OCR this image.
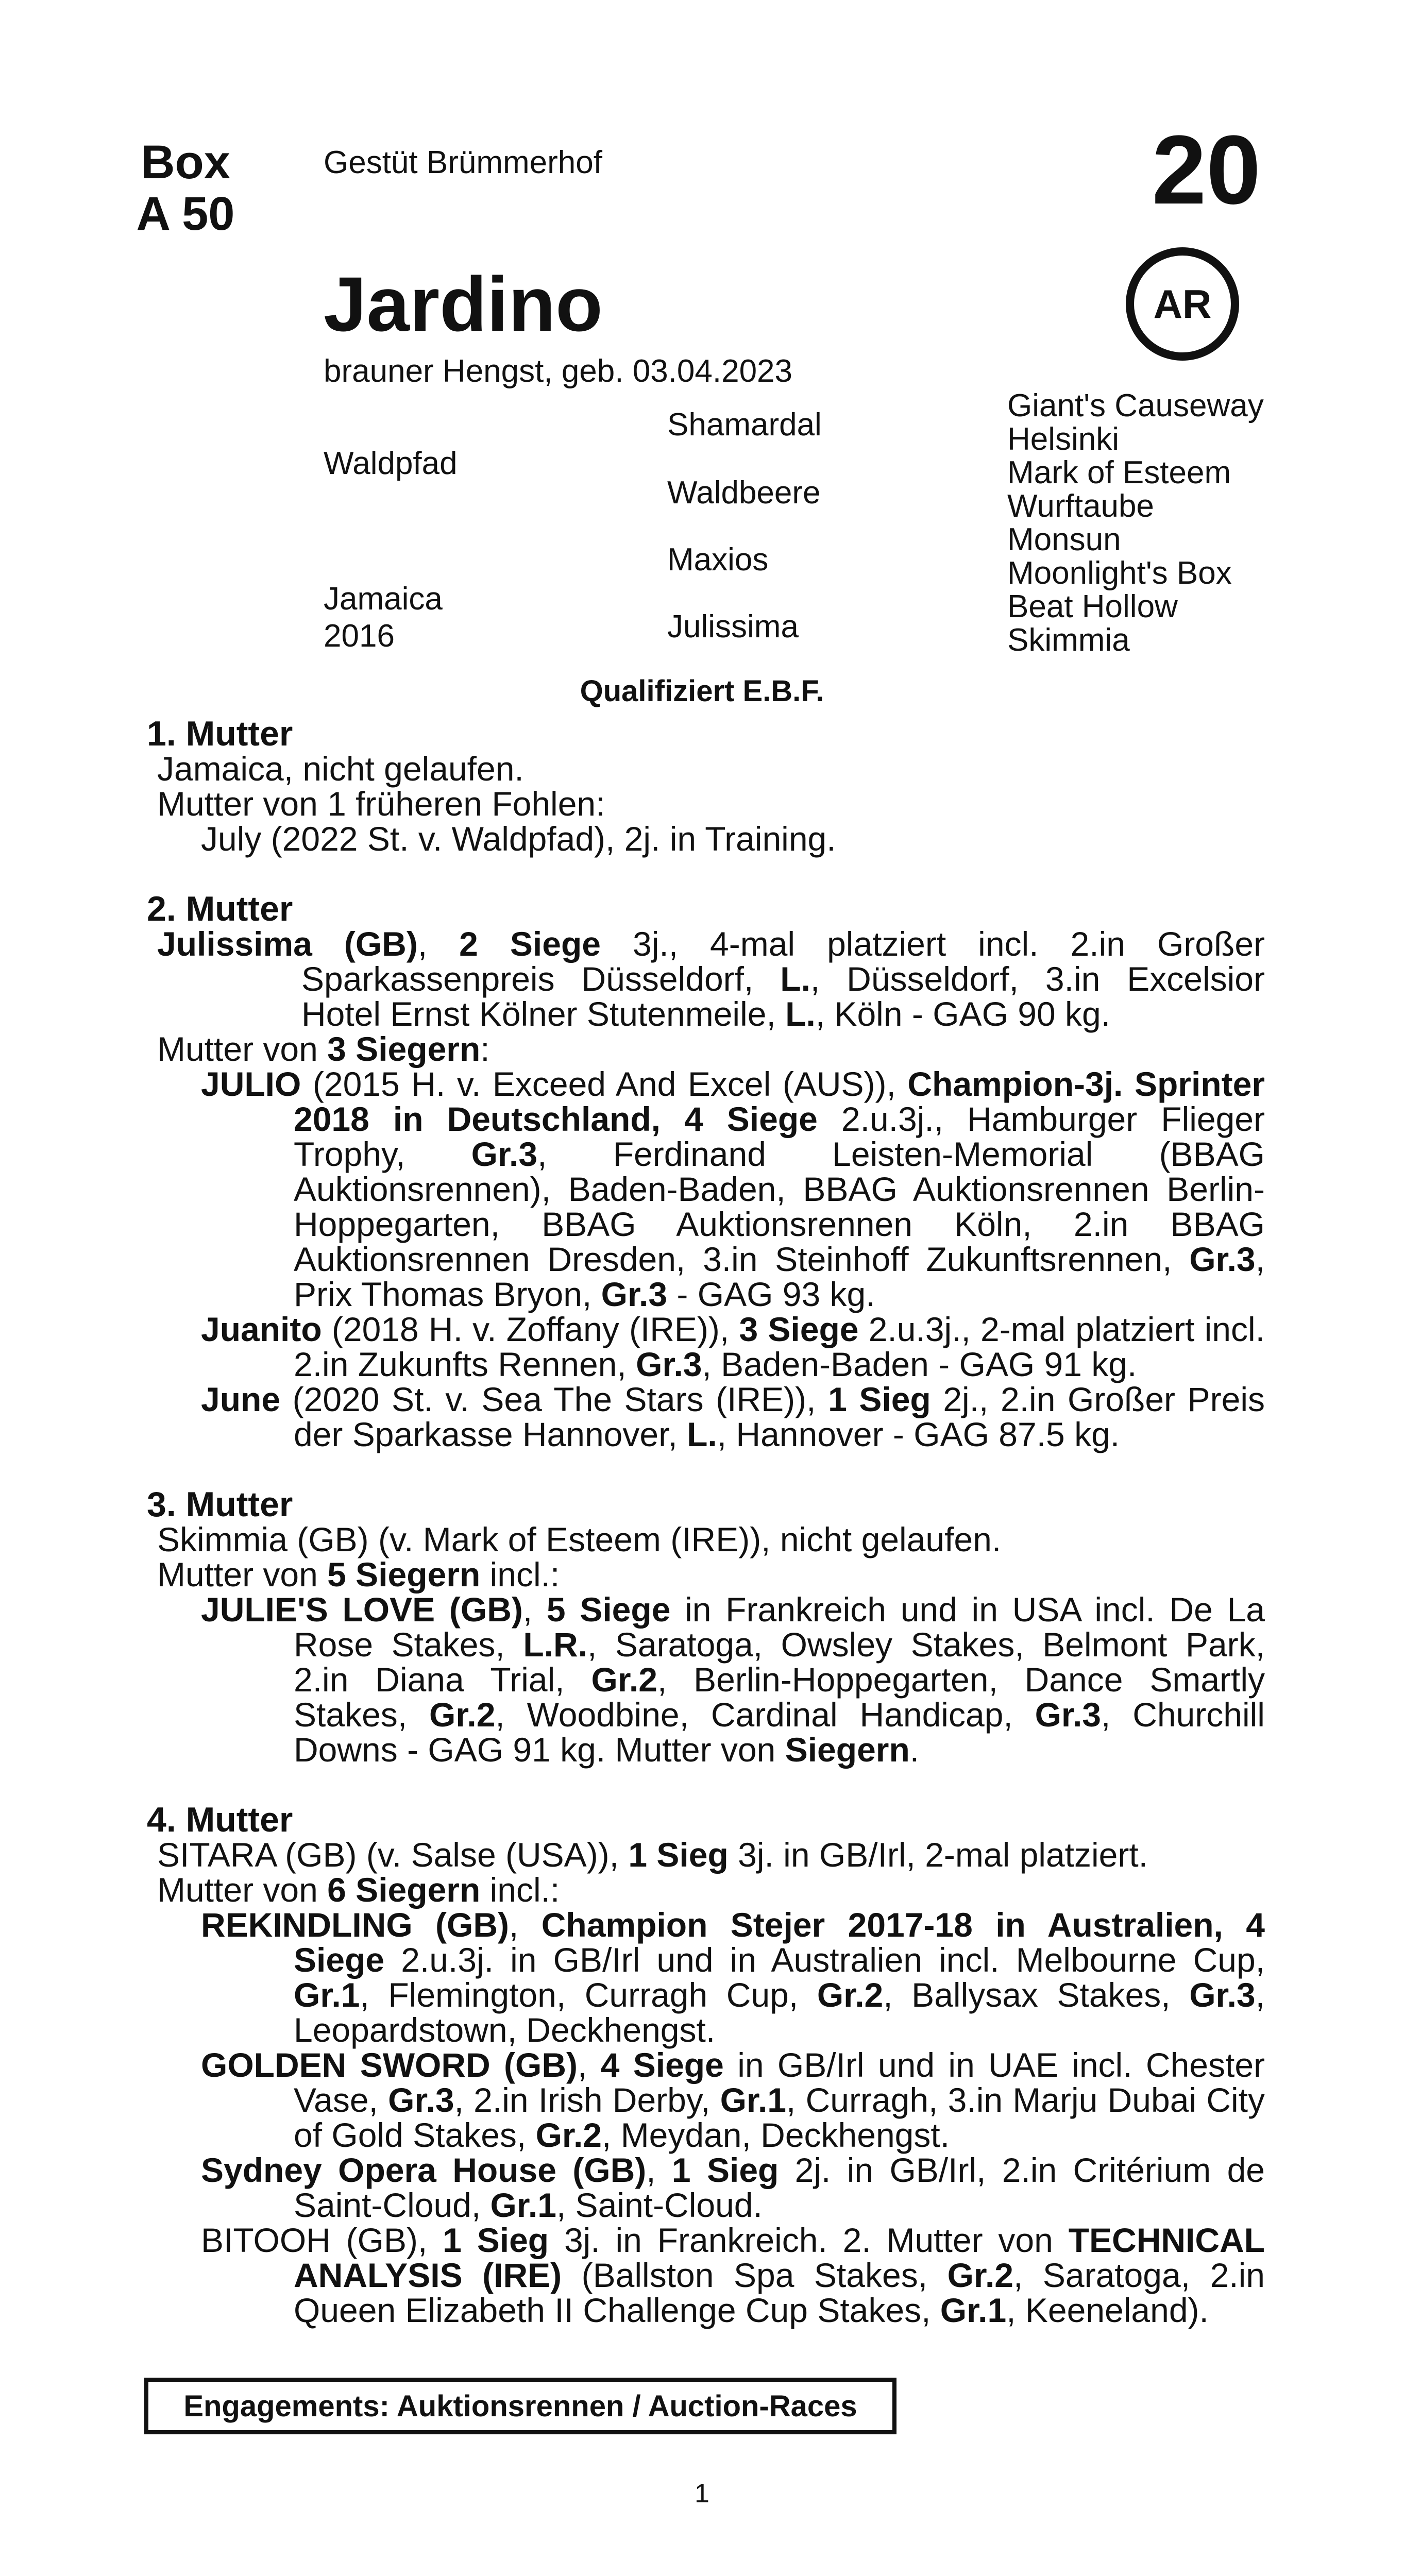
Box
A 50
Gestüt Brümmerhof	20
AR
Jardino
brauner Hengst, geb. 03.04.2023
Waldpfad
Jamaica
2016
Shamardal
Waldbeere
Maxios
Julissima
Giant's Causeway
Helsinki
Mark of Esteem
Wurftaube
Monsun
Moonlight's Box
Beat Hollow
Skimmia
Qualifiziert E.B.F.
1. Mutter
Jamaica, nicht gelaufen.
Mutter von 1 früheren Fohlen:
July (2022 St. v. Waldpfad), 2j. in Training.
2. Mutter
Julissima (GB), 2 Siege 3j., 4-mal platziert incl. 2.in Großer Sparkassenpreis Düsseldorf, L., Düsseldorf, 3.in Excelsior Hotel Ernst Kölner Stutenmeile, L., Köln - GAG 90 kg.
Mutter von 3 Siegern:
JULIO (2015 H. v. Exceed And Excel (AUS)), Champion-3j. Sprinter 2018 in Deutschland, 4 Siege 2.u.3j., Hamburger Flieger Trophy, Gr.3, Ferdinand Leisten-Memorial (BBAG Auktionsrennen), Baden-Baden, BBAG Auktionsrennen Berlin-Hoppegarten, BBAG Auktionsrennen Köln, 2.in BBAG Auktionsrennen Dresden, 3.in Steinhoff Zukunftsrennen, Gr.3, Prix Thomas Bryon, Gr.3 - GAG 93 kg.
Juanito (2018 H. v. Zoffany (IRE)), 3 Siege 2.u.3j., 2-mal platziert incl. 2.in Zukunfts Rennen, Gr.3, Baden-Baden - GAG 91 kg.
June (2020 St. v. Sea The Stars (IRE)), 1 Sieg 2j., 2.in Großer Preis der Sparkasse Hannover, L., Hannover - GAG 87.5 kg.
3. Mutter
Skimmia (GB) (v. Mark of Esteem (IRE)), nicht gelaufen.
Mutter von 5 Siegern incl.:
JULIE'S LOVE (GB), 5 Siege in Frankreich und in USA incl. De La Rose Stakes, L.R., Saratoga, Owsley Stakes, Belmont Park, 2.in Diana Trial, Gr.2, Berlin-Hoppegarten, Dance Smartly Stakes, Gr.2, Woodbine, Cardinal Handicap, Gr.3, Churchill Downs - GAG 91 kg. Mutter von Siegern.
4. Mutter
SITARA (GB) (v. Salse (USA)), 1 Sieg 3j. in GB/Irl, 2-mal platziert.
Mutter von 6 Siegern incl.:
REKINDLING (GB), Champion Stejer 2017-18 in Australien, 4 Siege 2.u.3j. in GB/Irl und in Australien incl. Melbourne Cup, Gr.1, Flemington, Curragh Cup, Gr.2, Ballysax Stakes, Gr.3, Leopardstown, Deckhengst.
GOLDEN SWORD (GB), 4 Siege in GB/Irl und in UAE incl. Chester Vase, Gr.3, 2.in Irish Derby, Gr.1, Curragh, 3.in Marju Dubai City of Gold Stakes, Gr.2, Meydan, Deckhengst.
Sydney Opera House (GB), 1 Sieg 2j. in GB/Irl, 2.in Critérium de Saint-Cloud, Gr.1, Saint-Cloud.
BITOOH (GB), 1 Sieg 3j. in Frankreich. 2. Mutter von TECHNICAL ANALYSIS (IRE) (Ballston Spa Stakes, Gr.2, Saratoga, 2.in Queen Elizabeth II Challenge Cup Stakes, Gr.1, Keeneland).
Engagements: Auktionsrennen / Auction-Races
1
